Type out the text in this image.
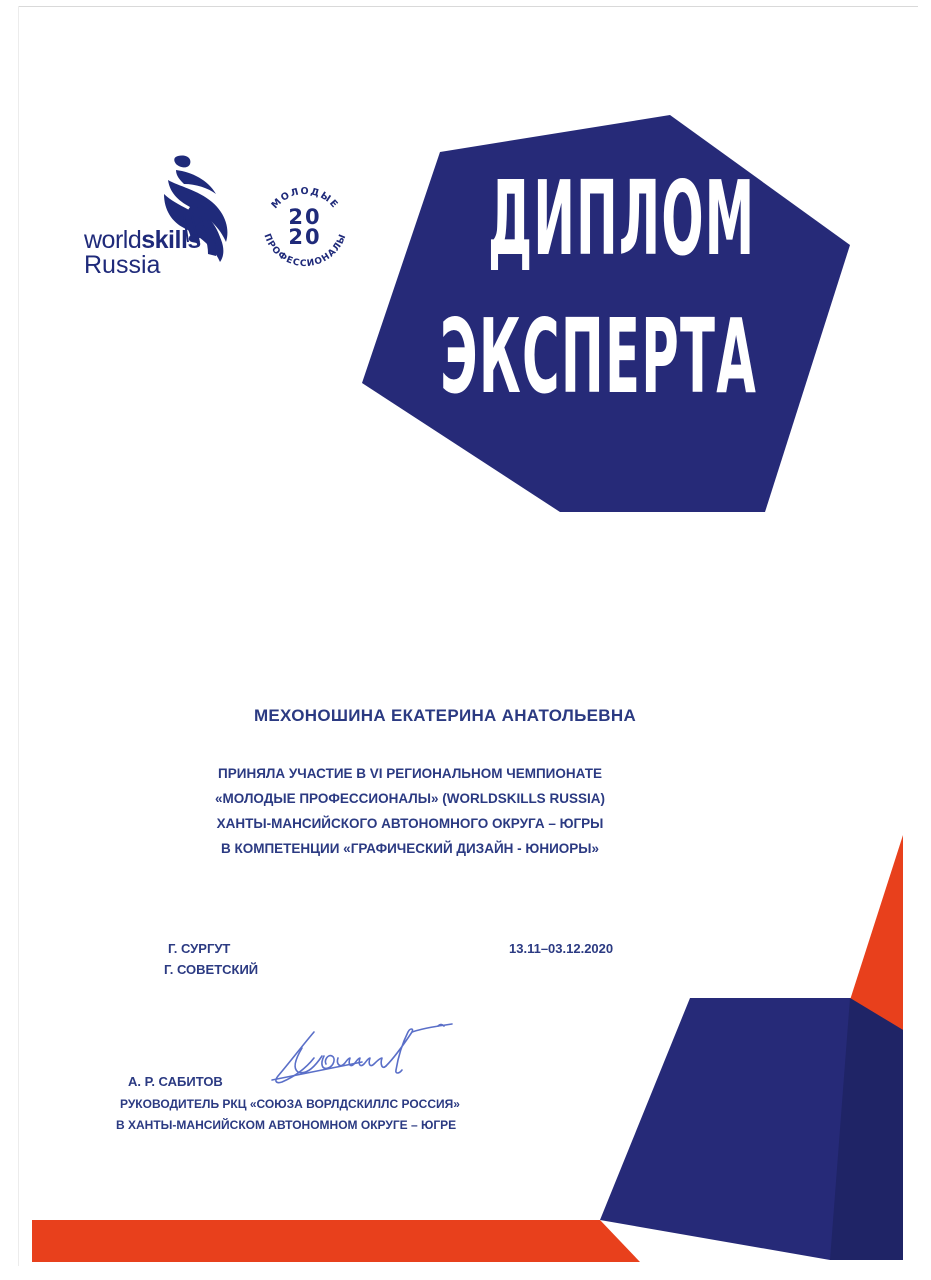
worldskills
Russia
МОЛОДЫЕ
ПРОФЕССИОНАЛЫ
20
20	ДИПЛОМ
ЭКСПЕРТА
МЕХОНОШИНА ЕКАТЕРИНА АНАТОЛЬЕВНА
ПРИНЯЛА УЧАСТИЕ В VI РЕГИОНАЛЬНОМ ЧЕМПИОНАТЕ
«МОЛОДЫЕ ПРОФЕССИОНАЛЫ» (WORLDSKILLS RUSSIA)
ХАНТЫ-МАНСИЙСКОГО АВТОНОМНОГО ОКРУГА – ЮГРЫ
В КОМПЕТЕНЦИИ «ГРАФИЧЕСКИЙ ДИЗАЙН - ЮНИОРЫ»
Г. СУРГУТ
Г. СОВЕТСКИЙ
13.11–03.12.2020
А. Р. САБИТОВ
РУКОВОДИТЕЛЬ РКЦ «СОЮЗА ВОРЛДСКИЛЛС РОССИЯ»
В ХАНТЫ-МАНСИЙСКОМ АВТОНОМНОМ ОКРУГЕ – ЮГРЕ
